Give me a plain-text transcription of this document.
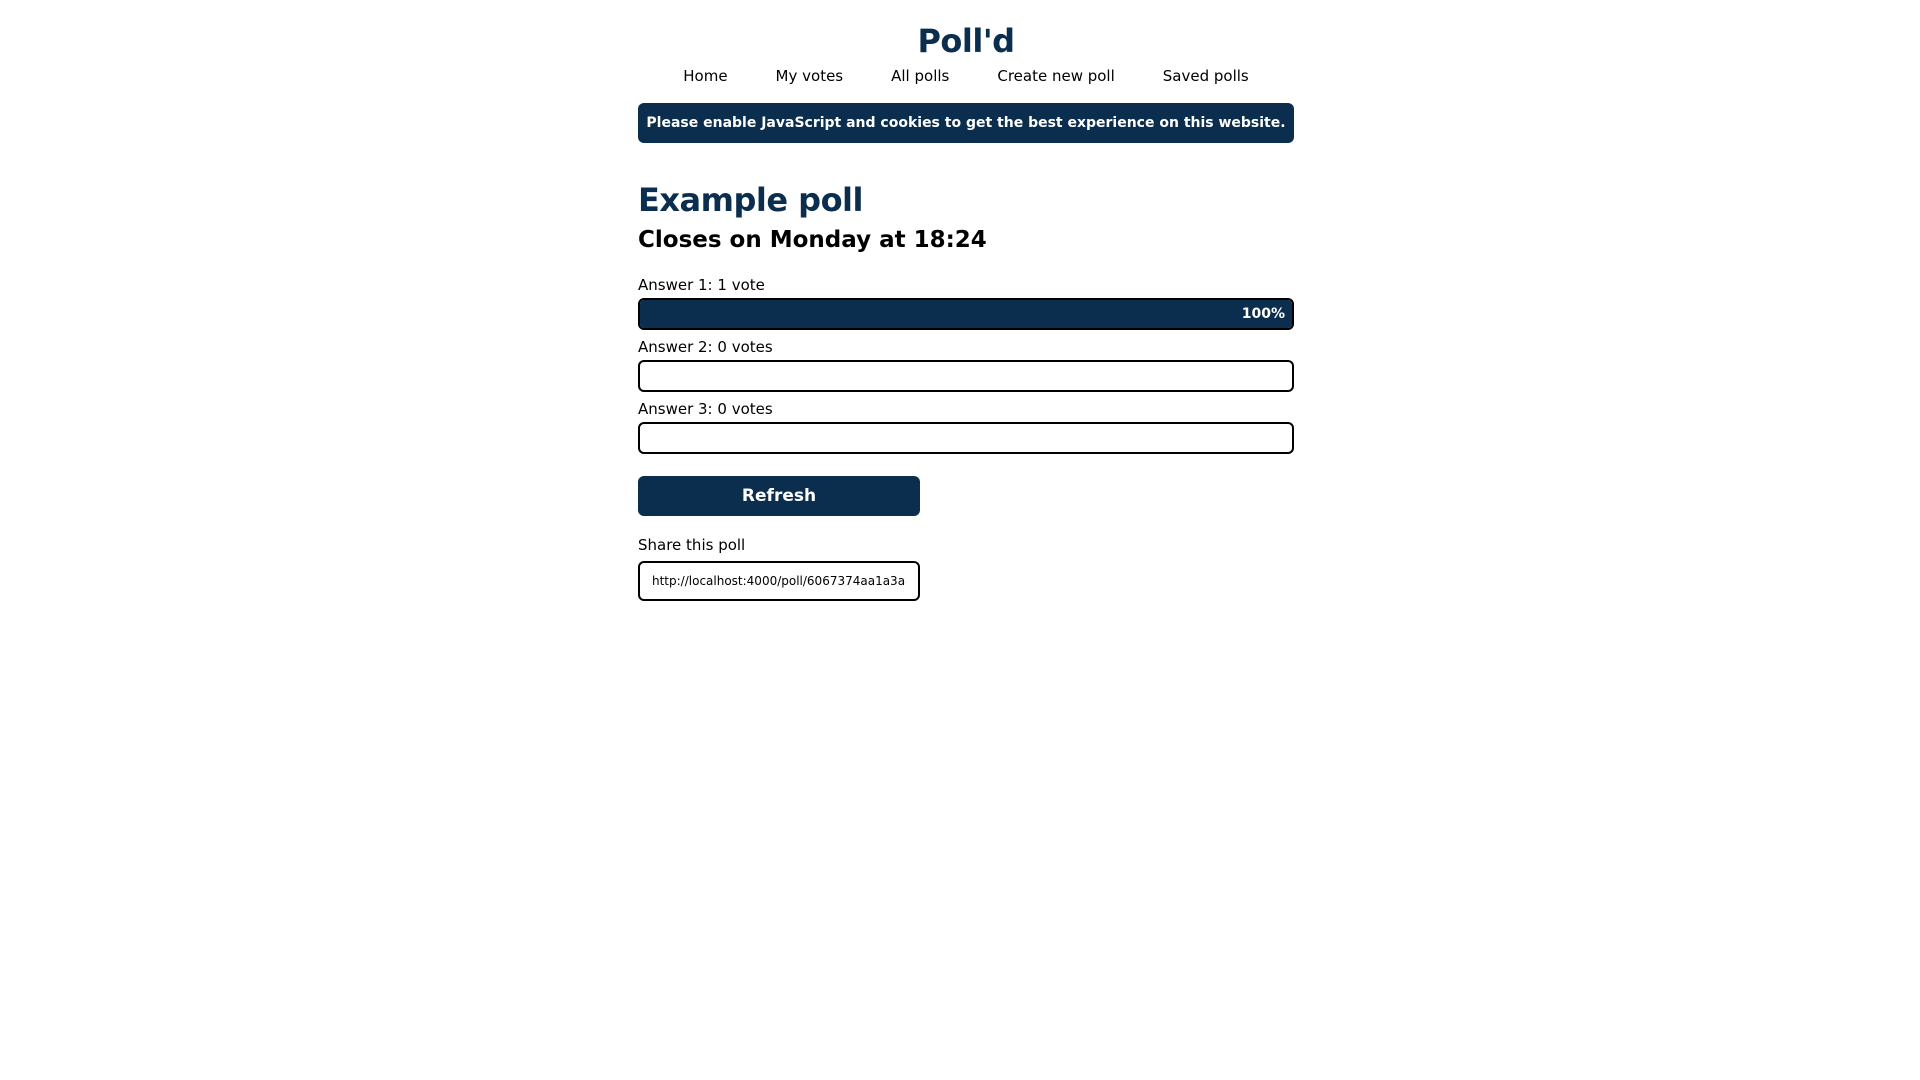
Poll'd
Home	My votes	All polls	Create new poll	Saved polls
Please enable JavaScript and cookies to get the best experience on this website.
Example poll
Closes on Monday at 18:24
Answer 1: 1 vote
100%
Answer 2: 0 votes
Answer 3: 0 votes
Refresh
Share this poll
http://localhost:4000/poll/6067374aa1a3a82
